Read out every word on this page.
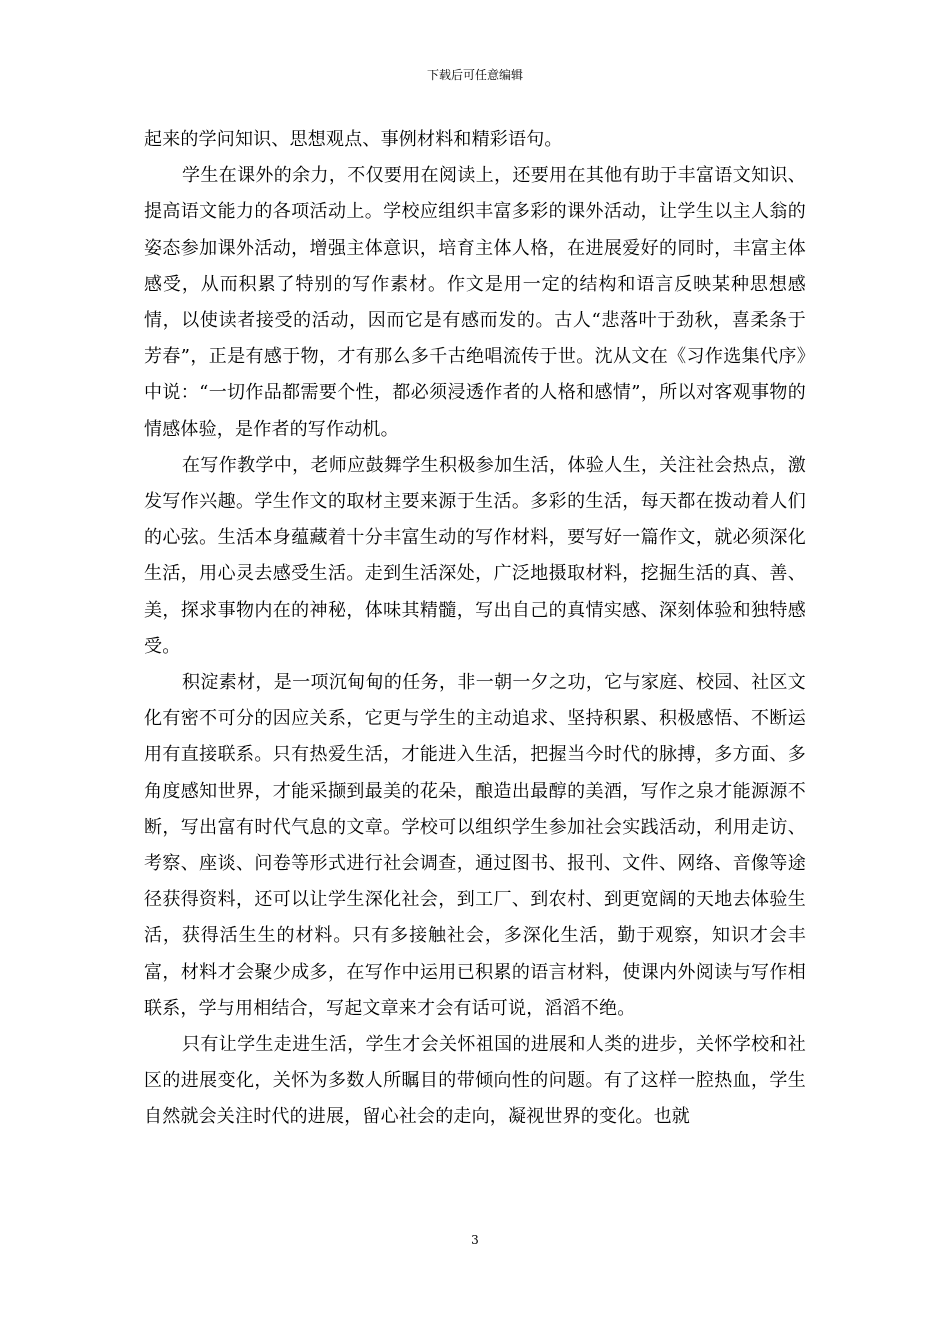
下载后可任意编辑

起来的学问知识、思想观点、事例材料和精彩语句。

学生在课外的余力，不仅要用在阅读上，还要用在其他有助于丰富语文知识、提高语文能力的各项活动上。学校应组织丰富多彩的课外活动，让学生以主人翁的姿态参加课外活动，增强主体意识，培育主体人格，在进展爱好的同时，丰富主体感受，从而积累了特别的写作素材。作文是用一定的结构和语言反映某种思想感情，以使读者接受的活动，因而它是有感而发的。古人“悲落叶于劲秋，喜柔条于芳春”，正是有感于物，才有那么多千古绝唱流传于世。沈从文在《习作选集代序》中说：“一切作品都需要个性，都必须浸透作者的人格和感情”，所以对客观事物的情感体验，是作者的写作动机。

在写作教学中，老师应鼓舞学生积极参加生活，体验人生，关注社会热点，激发写作兴趣。学生作文的取材主要来源于生活。多彩的生活，每天都在拨动着人们的心弦。生活本身蕴藏着十分丰富生动的写作材料，要写好一篇作文，就必须深化生活，用心灵去感受生活。走到生活深处，广泛地摄取材料，挖掘生活的真、善、美，探求事物内在的神秘，体味其精髓，写出自己的真情实感、深刻体验和独特感受。

积淀素材，是一项沉甸甸的任务，非一朝一夕之功，它与家庭、校园、社区文化有密不可分的因应关系，它更与学生的主动追求、坚持积累、积极感悟、不断运用有直接联系。只有热爱生活，才能进入生活，把握当今时代的脉搏，多方面、多角度感知世界，才能采撷到最美的花朵，酿造出最醇的美酒，写作之泉才能源源不断，写出富有时代气息的文章。学校可以组织学生参加社会实践活动，利用走访、考察、座谈、问卷等形式进行社会调查，通过图书、报刊、文件、网络、音像等途径获得资料，还可以让学生深化社会，到工厂、到农村、到更宽阔的天地去体验生活，获得活生生的材料。只有多接触社会，多深化生活，勤于观察，知识才会丰富，材料才会聚少成多，在写作中运用已积累的语言材料，使课内外阅读与写作相联系，学与用相结合，写起文章来才会有话可说，滔滔不绝。

只有让学生走进生活，学生才会关怀祖国的进展和人类的进步，关怀学校和社区的进展变化，关怀为多数人所瞩目的带倾向性的问题。有了这样一腔热血，学生自然就会关注时代的进展，留心社会的走向，凝视世界的变化。也就

3
